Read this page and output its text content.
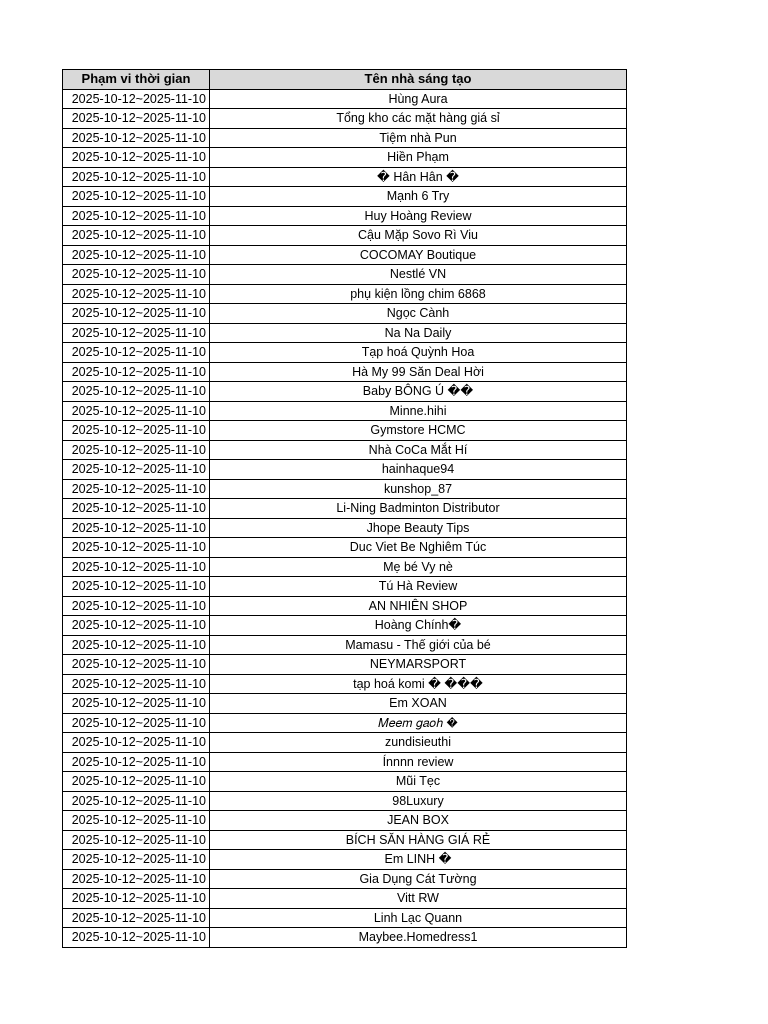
Phạm vi thời gian	Tên nhà sáng tạo
2025-10-12~2025-11-10	Hùng Aura
2025-10-12~2025-11-10	Tổng kho các mặt hàng giá sỉ
2025-10-12~2025-11-10	Tiệm nhà Pun
2025-10-12~2025-11-10	Hiền Phạm
2025-10-12~2025-11-10	� Hân Hân �
2025-10-12~2025-11-10	Mạnh 6 Try
2025-10-12~2025-11-10	Huy Hoàng Review
2025-10-12~2025-11-10	Cậu Mặp Sovo Rì Viu
2025-10-12~2025-11-10	COCOMAY Boutique
2025-10-12~2025-11-10	Nestlé VN
2025-10-12~2025-11-10	phụ kiện lồng chim 6868
2025-10-12~2025-11-10	Ngọc Cành
2025-10-12~2025-11-10	Na Na Daily
2025-10-12~2025-11-10	Tạp hoá Quỳnh Hoa
2025-10-12~2025-11-10	Hà My 99 Săn Deal Hời
2025-10-12~2025-11-10	Baby BÔNG Ú ��
2025-10-12~2025-11-10	Minne.hihi
2025-10-12~2025-11-10	Gymstore HCMC
2025-10-12~2025-11-10	Nhà CoCa Mắt Hí
2025-10-12~2025-11-10	hainhaque94
2025-10-12~2025-11-10	kunshop_87
2025-10-12~2025-11-10	Li-Ning Badminton Distributor
2025-10-12~2025-11-10	Jhope Beauty Tips
2025-10-12~2025-11-10	Duc Viet Be Nghiêm Túc
2025-10-12~2025-11-10	Mẹ bé Vy nè
2025-10-12~2025-11-10	Tú Hà Review
2025-10-12~2025-11-10	AN NHIÊN SHOP
2025-10-12~2025-11-10	Hoàng Chính�
2025-10-12~2025-11-10	Mamasu - Thế giới của bé
2025-10-12~2025-11-10	NEYMARSPORT
2025-10-12~2025-11-10	tạp hoá komi � ���
2025-10-12~2025-11-10	Em XOAN
2025-10-12~2025-11-10	𝑀𝑒𝑒𝑚 𝑔𝑎𝑜ℎ �
2025-10-12~2025-11-10	zundisieuthi
2025-10-12~2025-11-10	Ínnnn review
2025-10-12~2025-11-10	Mũi Tẹc
2025-10-12~2025-11-10	98Luxury
2025-10-12~2025-11-10	JEAN BOX
2025-10-12~2025-11-10	BÍCH SĂN HÀNG GIÁ RẺ
2025-10-12~2025-11-10	Em LINH �
2025-10-12~2025-11-10	Gia Dụng Cát Tường
2025-10-12~2025-11-10	Vitt RW
2025-10-12~2025-11-10	Linh Lạc Quann
2025-10-12~2025-11-10	Maybee.Homedress1
